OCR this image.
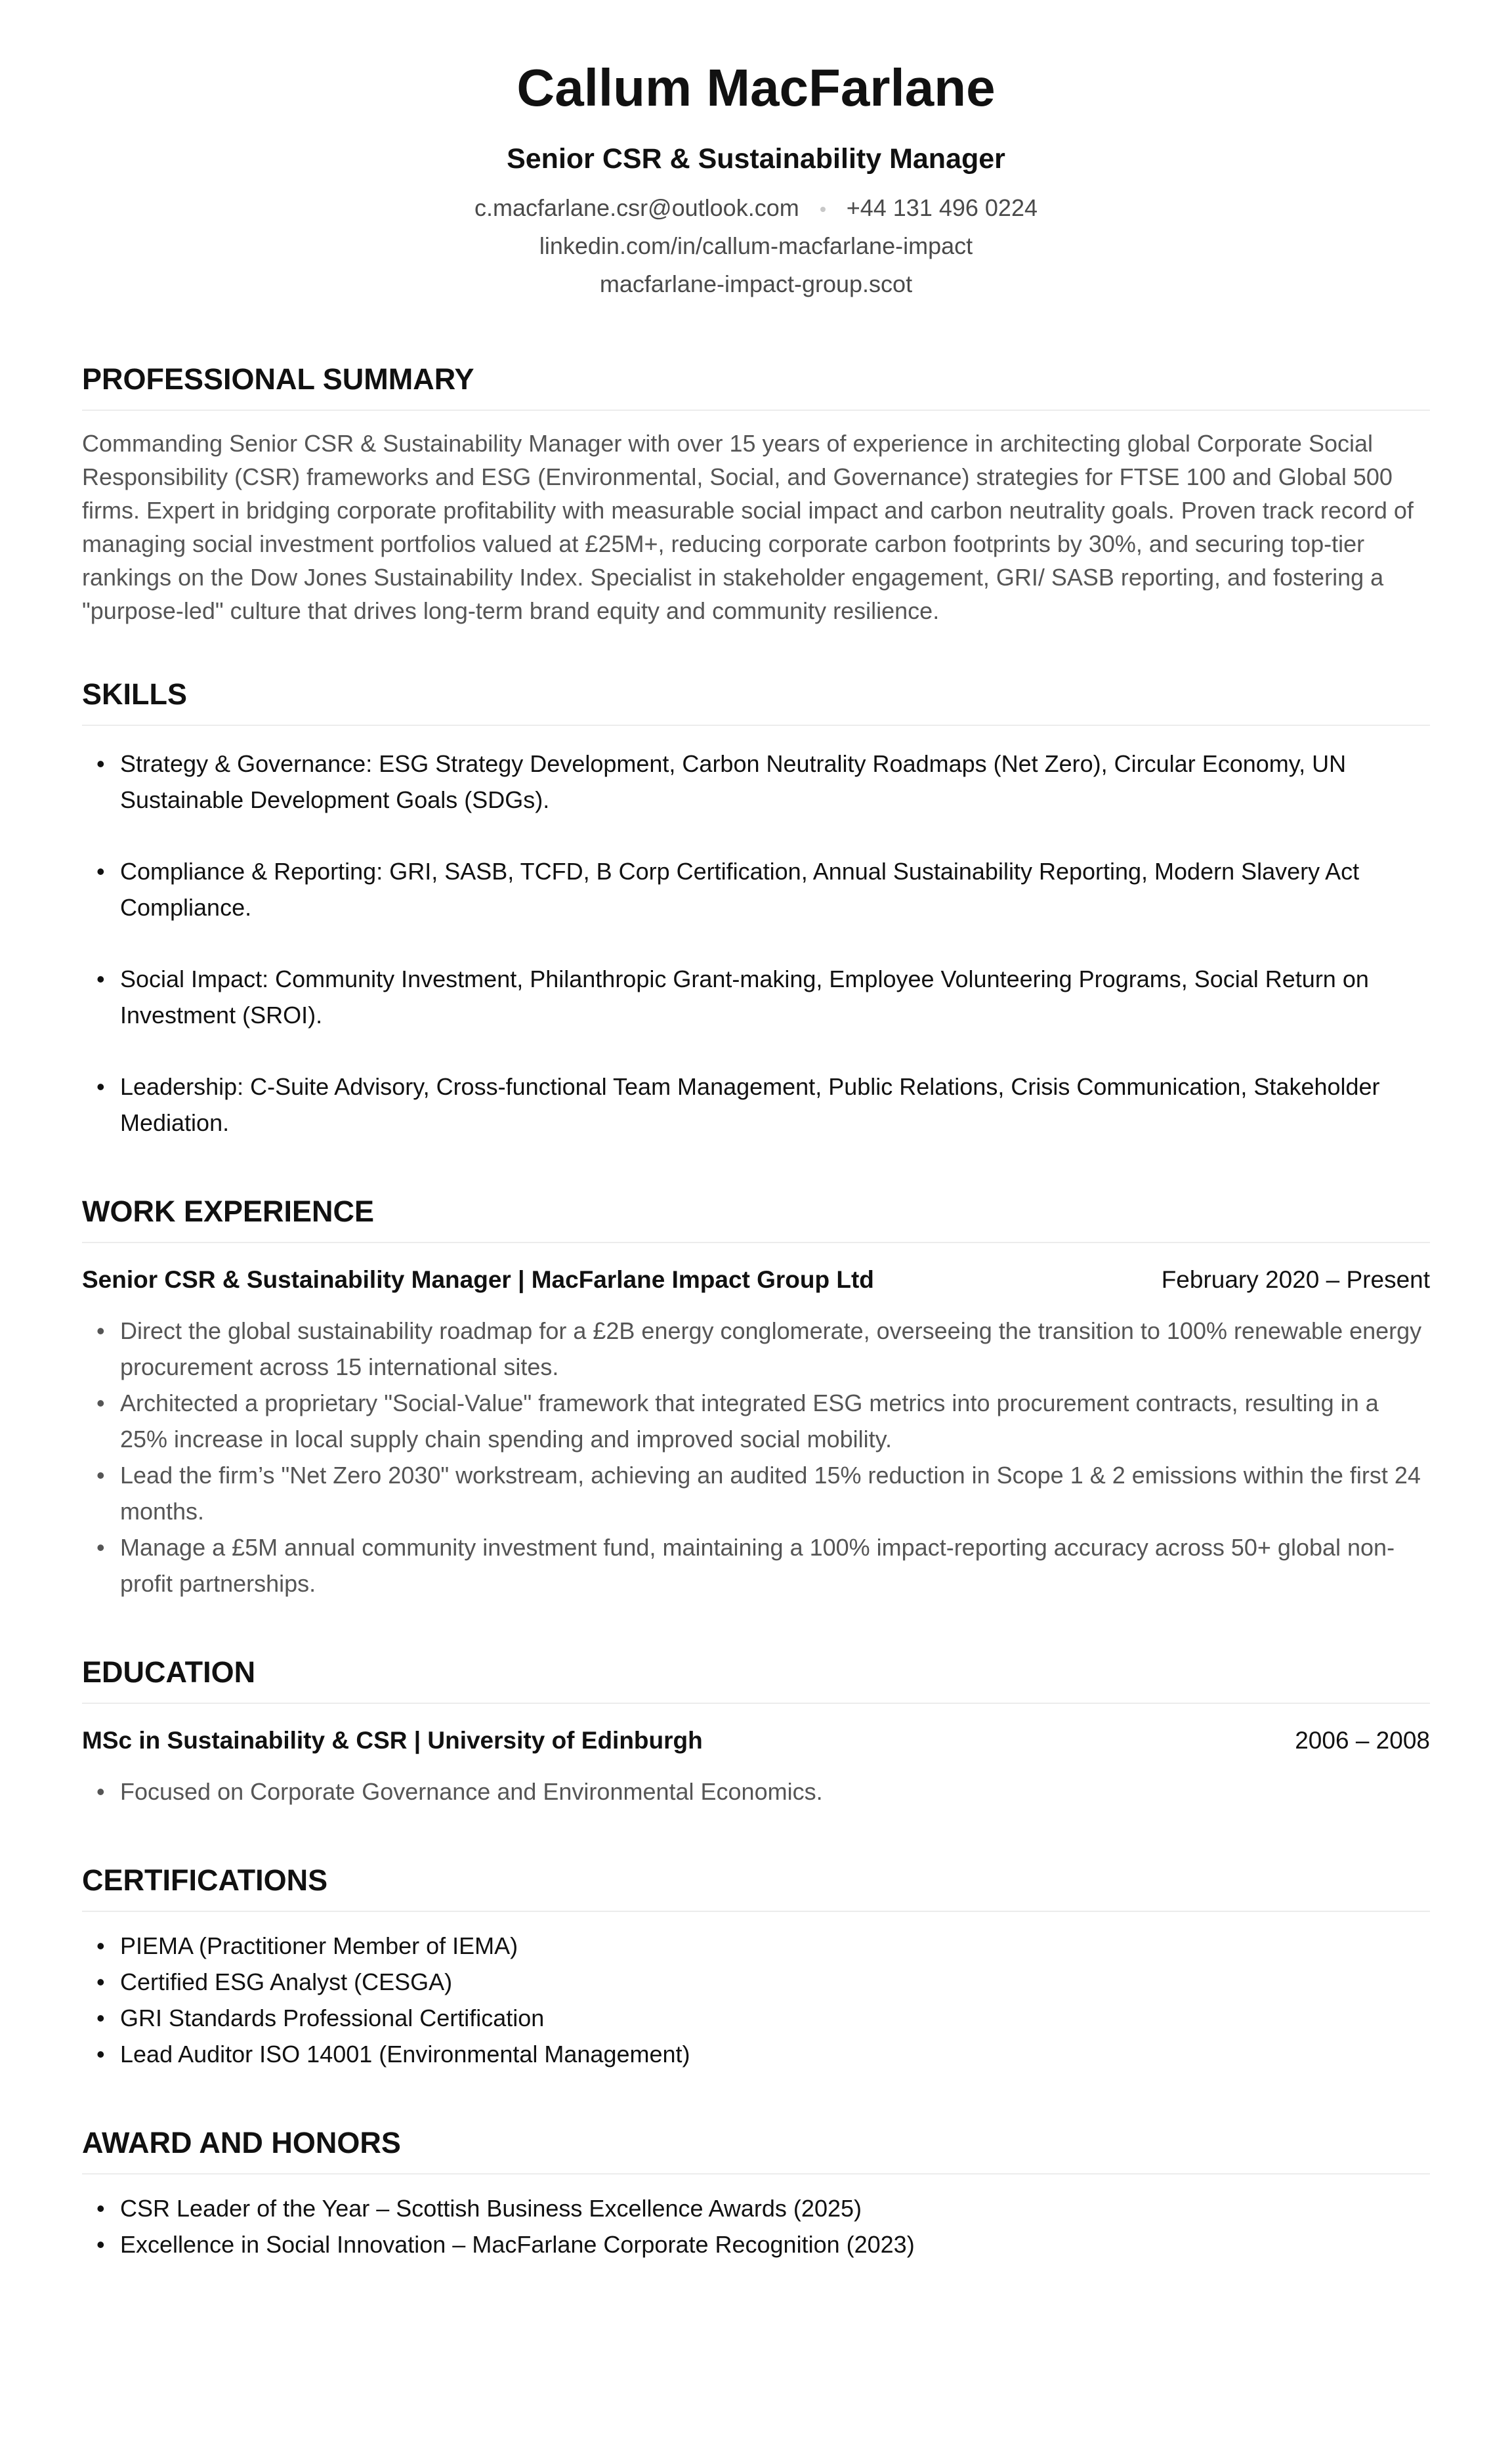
Callum MacFarlane
Senior CSR & Sustainability Manager
c.macfarlane.csr@outlook.com +44 131 496 0224
linkedin.com/in/callum-macfarlane-impact
macfarlane-impact-group.scot
PROFESSIONAL SUMMARY

Commanding Senior CSR & Sustainability Manager with over 15 years of experience in architecting global Corporate Social Responsibility (CSR) frameworks and ESG (Environmental, Social, and Governance) strategies for FTSE 100 and Global 500 firms. Expert in bridging corporate profitability with measurable social impact and carbon neutrality goals. Proven track record of managing social investment portfolios valued at £25M+, reducing corporate carbon footprints by 30%, and securing top-tier rankings on the Dow Jones Sustainability Index. Specialist in stakeholder engagement, GRI/ SASB reporting, and fostering a "purpose-led" culture that drives long-term brand equity and community resilience.

SKILLS
• Strategy & Governance: ESG Strategy Development, Carbon Neutrality Roadmaps (Net Zero), Circular Economy, UN Sustainable Development Goals (SDGs).
• Compliance & Reporting: GRI, SASB, TCFD, B Corp Certification, Annual Sustainability Reporting, Modern Slavery Act Compliance.
• Social Impact: Community Investment, Philanthropic Grant-making, Employee Volunteering Programs, Social Return on Investment (SROI).
• Leadership: C-Suite Advisory, Cross-functional Team Management, Public Relations, Crisis Communication, Stakeholder Mediation.
WORK EXPERIENCE
Senior CSR & Sustainability Manager | MacFarlane Impact Group Ltd	February 2020 – Present
• Direct the global sustainability roadmap for a £2B energy conglomerate, overseeing the transition to 100% renewable energy procurement across 15 international sites.
• Architected a proprietary "Social-Value" framework that integrated ESG metrics into procurement contracts, resulting in a 25% increase in local supply chain spending and improved social mobility.
• Lead the firm’s "Net Zero 2030" workstream, achieving an audited 15% reduction in Scope 1 & 2 emissions within the first 24 months.
• Manage a £5M annual community investment fund, maintaining a 100% impact-reporting accuracy across 50+ global non-profit partnerships.
EDUCATION
MSc in Sustainability & CSR | University of Edinburgh	2006 – 2008
• Focused on Corporate Governance and Environmental Economics.
CERTIFICATIONS
• PIEMA (Practitioner Member of IEMA)
• Certified ESG Analyst (CESGA)
• GRI Standards Professional Certification
• Lead Auditor ISO 14001 (Environmental Management)
AWARD AND HONORS
• CSR Leader of the Year – Scottish Business Excellence Awards (2025)
• Excellence in Social Innovation – MacFarlane Corporate Recognition (2023)
